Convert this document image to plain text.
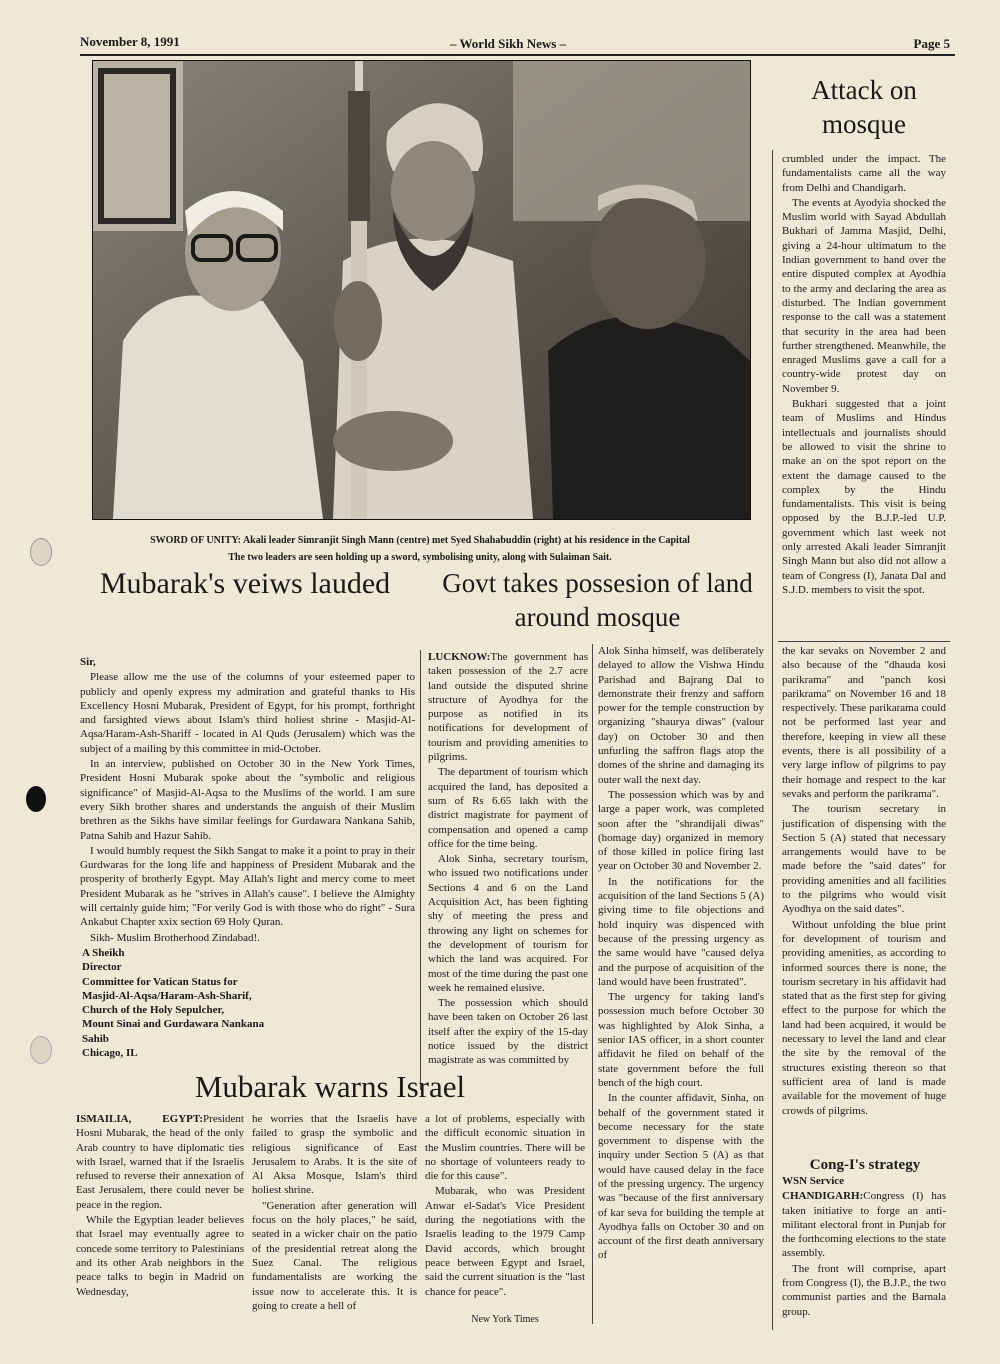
November 8, 1991	– World Sikh News –	Page 5
SWORD OF UNITY: Akali leader Simranjit Singh Mann (centre) met Syed Shahabuddin (right) at his residence in the Capital
The two leaders are seen holding up a sword, symbolising unity, along with Sulaiman Sait.
Attack on mosque

crumbled under the impact. The fundamentalists came all the way from Delhi and Chandigarh.

The events at Ayodyia shocked the Muslim world with Sayad Abdullah Bukhari of Jamma Masjid, Delhi, giving a 24-hour ultimatum to the Indian government to hand over the entire disputed complex at Ayodhia to the army and declaring the area as disturbed. The Indian government response to the call was a statement that security in the area had been further strengthened. Meanwhile, the enraged Muslims gave a call for a country-wide protest day on November 9.

Bukhari suggested that a joint team of Muslims and Hindus intellectuals and journalists should be allowed to visit the shrine to make an on the spot report on the extent the damage caused to the complex by the Hindu fundamentalists. This visit is being opposed by the B.J.P.-led U.P. government which last week not only arrested Akali leader Simranjit Singh Mann but also did not allow a team of Congress (I), Janata Dal and S.J.D. members to visit the spot.

Mubarak's veiws lauded	Govt takes possesion of land around mosque

Sir,

Please allow me the use of the columns of your esteemed paper to publicly and openly express my admiration and grateful thanks to His Excellency Hosni Mubarak, President of Egypt, for his prompt, forthright and farsighted views about Islam's third holiest shrine - Masjid-Al-Aqsa/Haram-Ash-Shariff - located in Al Quds (Jerusalem) which was the subject of a mailing by this committee in mid-October.

In an interview, published on October 30 in the New York Times, President Hosni Mubarak spoke about the "symbolic and religious significance" of Masjid-Al-Aqsa to the Muslims of the world. I am sure every Sikh brother shares and understands the anguish of their Muslim brethren as the Sikhs have similar feelings for Gurdawara Nankana Sahib, Patna Sahib and Hazur Sahib.

I would humbly request the Sikh Sangat to make it a point to pray in their Gurdwaras for the long life and happiness of President Mubarak and the prosperity of brotherly Egypt. May Allah's light and mercy come to meet President Mubarak as he "strives in Allah's cause". I believe the Almighty will certainly guide him; "For verily God is with those who do right" - Sura Ankabut Chapter xxix section 69 Holy Quran.

Sikh- Muslim Brotherhood Zindabad!.

A Sheikh
Director
Committee for Vatican Status for
Masjid-Al-Aqsa/Haram-Ash-Sharif,
Church of the Holy Sepulcher,
Mount Sinai and Gurdawara Nankana
Sahib
Chicago, IL

LUCKNOW:The government has taken possession of the 2.7 acre land outside the disputed shrine structure of Ayodhya for the purpose as notified in its notifications for development of tourism and providing amenities to pilgrims.

The department of tourism which acquired the land, has deposited a sum of Rs 6.65 lakh with the district magistrate for payment of compensation and opened a camp office for the time being.

Alok Sinha, secretary tourism, who issued two notifications under Sections 4 and 6 on the Land Acquisition Act, has been fighting shy of meeting the press and throwing any light on schemes for the development of tourism for which the land was acquired. For most of the time during the past one week he remained elusive.

The possession which should have been taken on October 26 last itself after the expiry of the 15-day notice issued by the district magistrate as was committed by

Alok Sinha himself, was deliberately delayed to allow the Vishwa Hindu Parishad and Bajrang Dal to demonstrate their frenzy and safforn power for the temple construction by organizing "shaurya diwas" (valour day) on October 30 and then unfurling the saffron flags atop the domes of the shrine and damaging its outer wall the next day.

The possession which was by and large a paper work, was completed soon after the "shrandijali diwas" (homage day) organized in memory of those killed in police firing last year on October 30 and November 2.

In the notifications for the acquisition of the land Sections 5 (A) giving time to file objections and hold inquiry was dispenced with because of the pressing urgency as the same would have "caused delya and the purpose of acquisition of the land would have been frustrated".

The urgency for taking land's possession much before October 30 was highlighted by Alok Sinha, a senior IAS officer, in a short counter affidavit he filed on behalf of the state government before the full bench of the high court.

In the counter affidavit, Sinha, on behalf of the government stated it become necessary for the state government to dispense with the inquiry under Section 5 (A) as that would have caused delay in the face of the pressing urgency. The urgency was "because of the first anniversary of kar seva for building the temple at Ayodhya falls on October 30 and on account of the first death anniversary of

the kar sevaks on November 2 and also because of the "dhauda kosi parikrama" and "panch kosi parikrama" on November 16 and 18 respectively. These parikarama could not be performed last year and therefore, keeping in view all these events, there is all possibility of a very large inflow of pilgrims to pay their homage and respect to the kar sevaks and perform the parikrama".

The tourism secretary in justification of dispensing with the Section 5 (A) stated that necessary arrangements would have to be made before the "said dates" for providing amenities and all facilities to the pilgrims who would visit Ayodhya on the said dates".

Without unfolding the blue print for development of tourism and providing amenities, as according to informed sources there is none, the tourism secretary in his affidavit had stated that as the first step for giving effect to the purpose for which the land had been acquired, it would be necessary to level the land and clear the site by the removal of the structures existing thereon so that sufficient area of land is made available for the movement of huge crowds of pilgrims.

Mubarak warns Israel

ISMAILIA, EGYPT:President Hosni Mubarak, the head of the only Arab country to have diplomatic ties with Israel, warned that if the Israelis refused to reverse their annexation of East Jerusalem, there could never be peace in the region.

While the Egyptian leader believes that Israel may eventually agree to concede some territory to Palestinians and its other Arab neighbors in the peace talks to begin in Madrid on Wednesday,

he worries that the Israelis have failed to grasp the symbolic and religious significance of East Jerusalem to Arabs. It is the site of Al Aksa Mosque, Islam's third holiest shrine.

"Generation after generation will focus on the holy places," he said, seated in a wicker chair on the patio of the presidential retreat along the Suez Canal. The religious fundamentalists are working the issue now to accelerate this. It is going to create a hell of

a lot of problems, especially with the difficult economic situation in the Muslim countries. There will be no shortage of volunteers ready to die for this cause".

Mubarak, who was President Anwar el-Sadat's Vice President during the negotiations with the Israelis leading to the 1979 Camp David accords, which brought peace between Egypt and Israel, said the current situation is the "last chance for peace".

New York Times

Cong-I's strategy

WSN Service

CHANDIGARH:Congress (I) has taken initiative to forge an anti-militant electoral front in Punjab for the forthcoming elections to the state assembly.

The front will comprise, apart from Congress (I), the B.J.P., the two communist parties and the Barnala group.
